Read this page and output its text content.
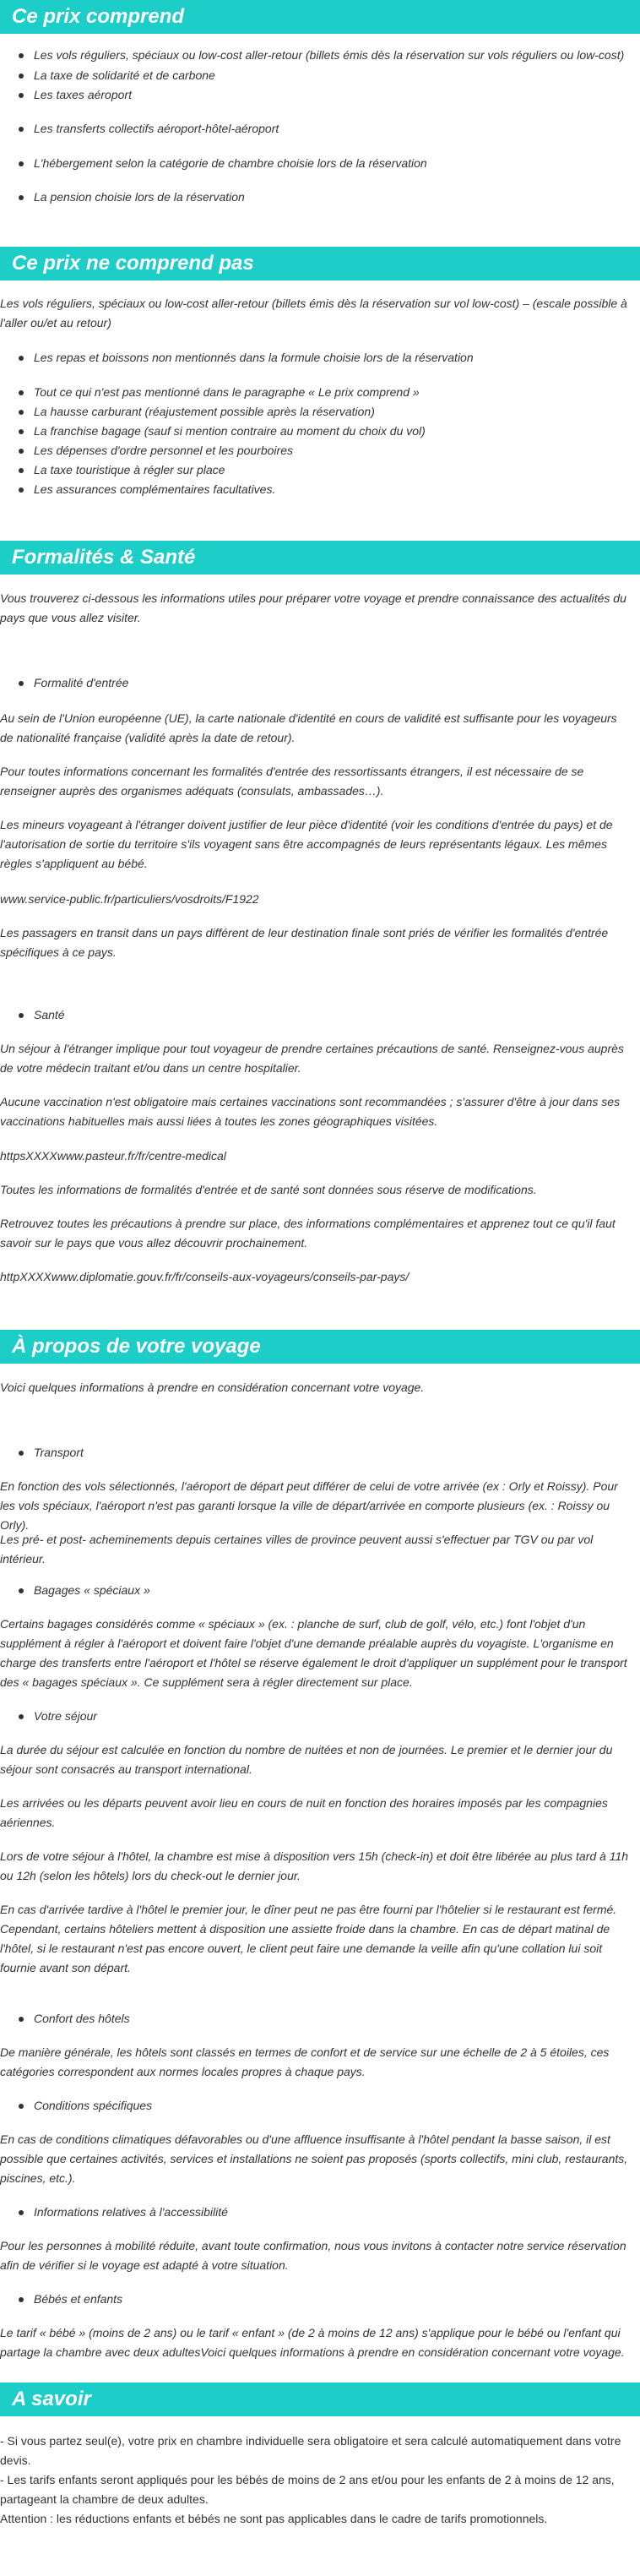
Ce prix comprend
Les vols réguliers, spéciaux ou low-cost aller-retour (billets émis dès la réservation sur vols réguliers ou low-cost)
La taxe de solidarité et de carbone
Les taxes aéroport
Les transferts collectifs aéroport-hôtel-aéroport
L'hébergement selon la catégorie de chambre choisie lors de la réservation
La pension choisie lors de la réservation
Ce prix ne comprend pas
Les vols réguliers, spéciaux ou low-cost aller-retour (billets émis dès la réservation sur vol low-cost) – (escale possible à l'aller ou/et au retour)
Les repas et boissons non mentionnés dans la formule choisie lors de la réservation
Tout ce qui n'est pas mentionné dans le paragraphe « Le prix comprend »
La hausse carburant (réajustement possible après la réservation)
La franchise bagage (sauf si mention contraire au moment du choix du vol)
Les dépenses d'ordre personnel et les pourboires
La taxe touristique à régler sur place
Les assurances complémentaires facultatives.
Formalités & Santé
Vous trouverez ci-dessous les informations utiles pour préparer votre voyage et prendre connaissance des actualités du pays que vous allez visiter.
Formalité d'entrée
Au sein de l'Union européenne (UE), la carte nationale d'identité en cours de validité est suffisante pour les voyageurs de nationalité française (validité après la date de retour).
Pour toutes informations concernant les formalités d'entrée des ressortissants étrangers, il est nécessaire de se renseigner auprès des organismes adéquats (consulats, ambassades…).
Les mineurs voyageant à l'étranger doivent justifier de leur pièce d'identité (voir les conditions d'entrée du pays) et de l'autorisation de sortie du territoire s'ils voyagent sans être accompagnés de leurs représentants légaux. Les mêmes règles s'appliquent au bébé.
www.service-public.fr/particuliers/vosdroits/F1922
Les passagers en transit dans un pays différent de leur destination finale sont priés de vérifier les formalités d'entrée spécifiques à ce pays.
Santé
Un séjour à l'étranger implique pour tout voyageur de prendre certaines précautions de santé. Renseignez-vous auprès de votre médecin traitant et/ou dans un centre hospitalier.
Aucune vaccination n'est obligatoire mais certaines vaccinations sont recommandées ; s'assurer d'être à jour dans ses vaccinations habituelles mais aussi liées à toutes les zones géographiques visitées.
httpsXXXXwww.pasteur.fr/fr/centre-medical
Toutes les informations de formalités d'entrée et de santé sont données sous réserve de modifications.
Retrouvez toutes les précautions à prendre sur place, des informations complémentaires et apprenez tout ce qu'il faut savoir sur le pays que vous allez découvrir prochainement.
httpXXXXwww.diplomatie.gouv.fr/fr/conseils-aux-voyageurs/conseils-par-pays/
À propos de votre voyage
Voici quelques informations à prendre en considération concernant votre voyage.
Transport
En fonction des vols sélectionnés, l'aéroport de départ peut différer de celui de votre arrivée (ex : Orly et Roissy). Pour les vols spéciaux, l'aéroport n'est pas garanti lorsque la ville de départ/arrivée en comporte plusieurs (ex. : Roissy ou Orly).
Les pré- et post- acheminements depuis certaines villes de province peuvent aussi s'effectuer par TGV ou par vol intérieur.
Bagages « spéciaux »
Certains bagages considérés comme « spéciaux » (ex. : planche de surf, club de golf, vélo, etc.) font l'objet d'un supplément à régler à l'aéroport et doivent faire l'objet d'une demande préalable auprès du voyagiste. L'organisme en charge des transferts entre l'aéroport et l'hôtel se réserve également le droit d'appliquer un supplément pour le transport des « bagages spéciaux ». Ce supplément sera à régler directement sur place.
Votre séjour
La durée du séjour est calculée en fonction du nombre de nuitées et non de journées. Le premier et le dernier jour du séjour sont consacrés au transport international.
Les arrivées ou les départs peuvent avoir lieu en cours de nuit en fonction des horaires imposés par les compagnies aériennes.
Lors de votre séjour à l'hôtel, la chambre est mise à disposition vers 15h (check-in) et doit être libérée au plus tard à 11h ou 12h (selon les hôtels) lors du check-out le dernier jour.
En cas d'arrivée tardive à l'hôtel le premier jour, le dîner peut ne pas être fourni par l'hôtelier si le restaurant est fermé. Cependant, certains hôteliers mettent à disposition une assiette froide dans la chambre. En cas de départ matinal de l'hôtel, si le restaurant n'est pas encore ouvert, le client peut faire une demande la veille afin qu'une collation lui soit fournie avant son départ.
Confort des hôtels
De manière générale, les hôtels sont classés en termes de confort et de service sur une échelle de 2 à 5 étoiles, ces catégories correspondent aux normes locales propres à chaque pays.
Conditions spécifiques
En cas de conditions climatiques défavorables ou d'une affluence insuffisante à l'hôtel pendant la basse saison, il est possible que certaines activités, services et installations ne soient pas proposés (sports collectifs, mini club, restaurants, piscines, etc.).
Informations relatives à l'accessibilité
Pour les personnes à mobilité réduite, avant toute confirmation, nous vous invitons à contacter notre service réservation afin de vérifier si le voyage est adapté à votre situation.
Bébés et enfants
Le tarif « bébé » (moins de 2 ans) ou le tarif « enfant » (de 2 à moins de 12 ans) s'applique pour le bébé ou l'enfant qui partage la chambre avec deux adultesVoici quelques informations à prendre en considération concernant votre voyage.
A savoir
- Si vous partez seul(e), votre prix en chambre individuelle sera obligatoire et sera calculé automatiquement dans votre devis.
- Les tarifs enfants seront appliqués pour les bébés de moins de 2 ans et/ou pour les enfants de 2 à moins de 12 ans, partageant la chambre de deux adultes.
Attention : les réductions enfants et bébés ne sont pas applicables dans le cadre de tarifs promotionnels.
